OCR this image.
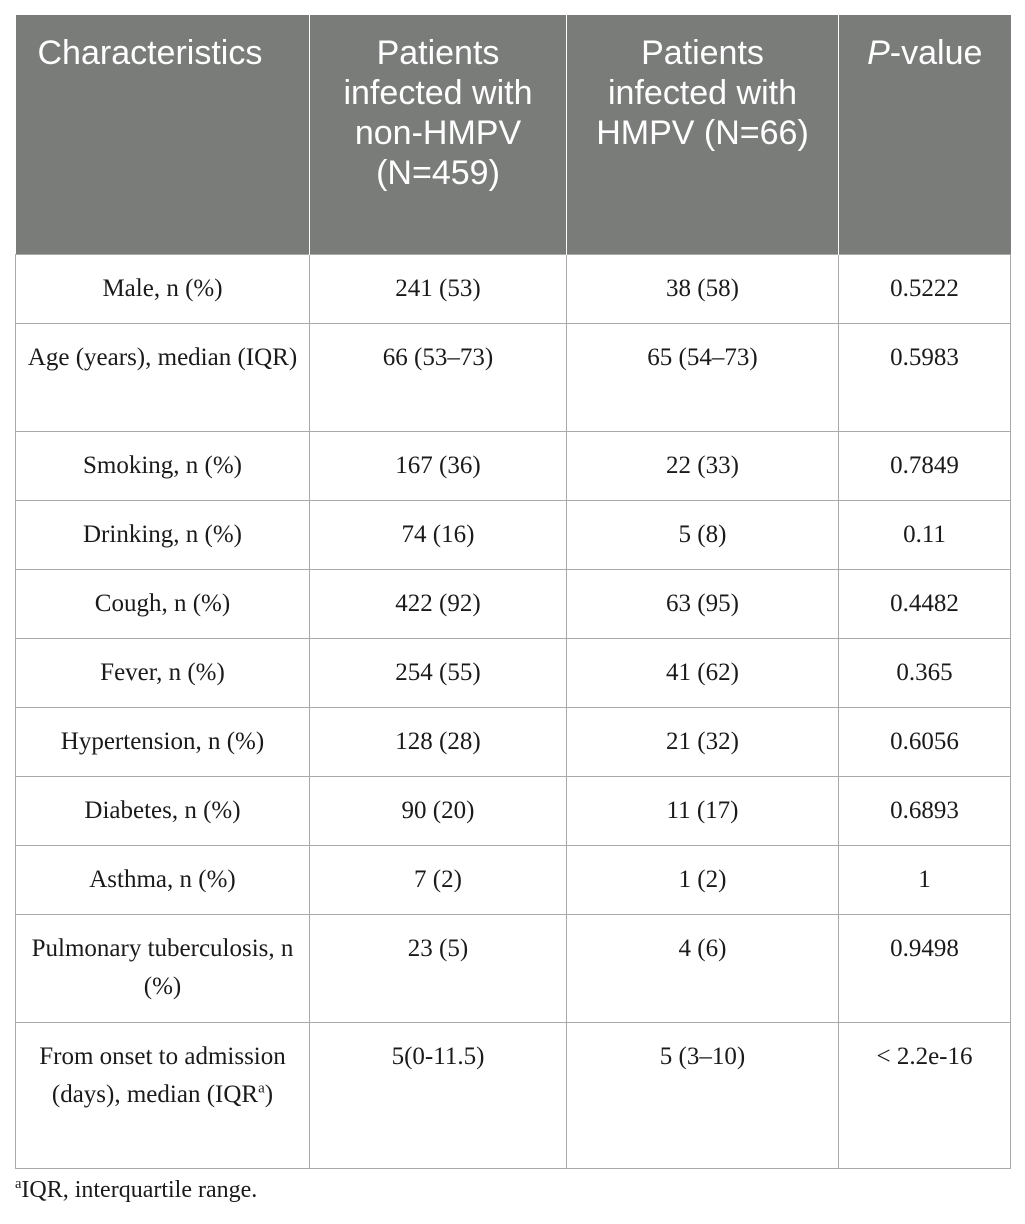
Characteristics	Patients infected with non-HMPV (N=459)	Patients infected with HMPV (N=66)	P-value
Male, n (%)	241 (53)	38 (58)	0.5222
Age (years), median (IQR)	66 (53–73)	65 (54–73)	0.5983
Smoking, n (%)	167 (36)	22 (33)	0.7849
Drinking, n (%)	74 (16)	5 (8)	0.11
Cough, n (%)	422 (92)	63 (95)	0.4482
Fever, n (%)	254 (55)	41 (62)	0.365
Hypertension, n (%)	128 (28)	21 (32)	0.6056
Diabetes, n (%)	90 (20)	11 (17)	0.6893
Asthma, n (%)	7 (2)	1 (2)	1
Pulmonary tuberculosis, n (%)	23 (5)	4 (6)	0.9498
From onset to admission (days), median (IQR$^a$)	5(0-11.5)	5 (3–10)	< 2.2e-16
$^a$IQR, interquartile range.
